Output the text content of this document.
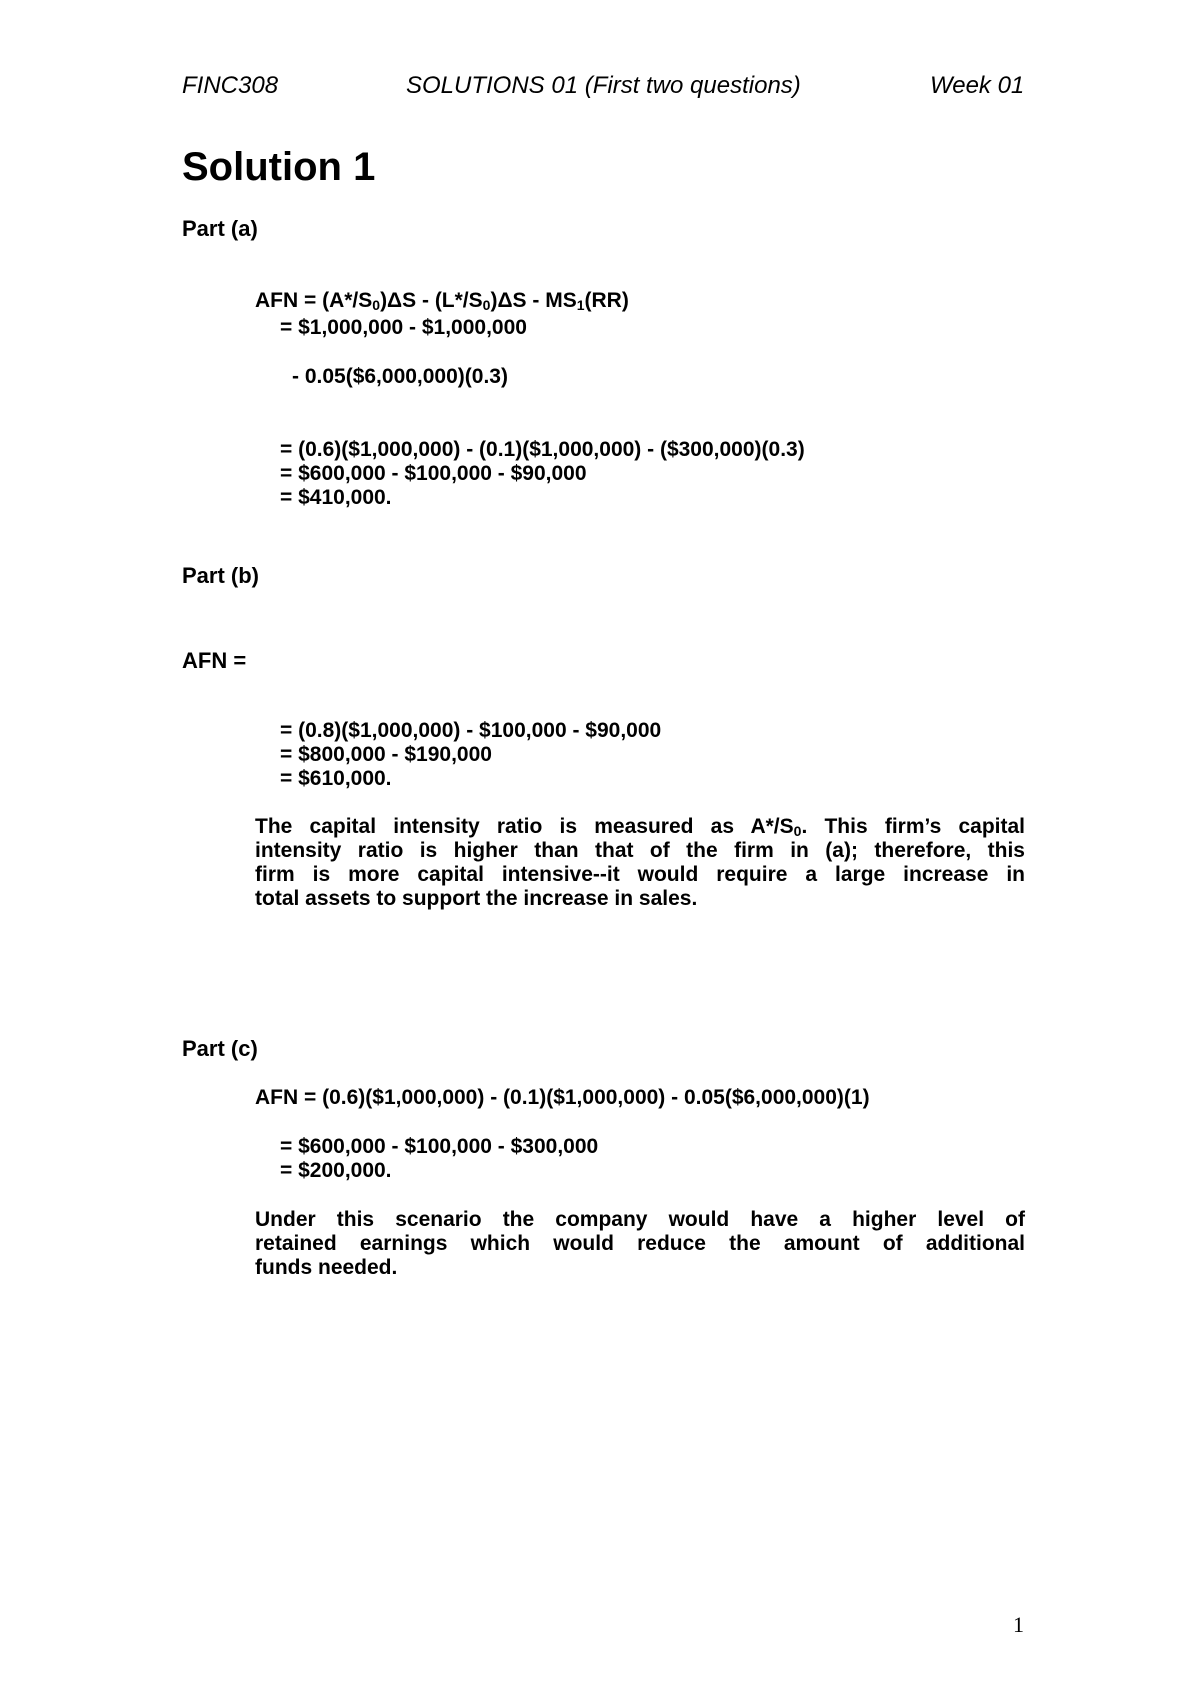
FINC308	SOLUTIONS 01 (First two questions)	Week 01
Solution 1
Part (a)
AFN = $(A*/S_0)\Delta S - (L*/S_0)\Delta S - MS_1(RR)$
= $1,000,000 - $1,000,000
- 0.05($6,000,000)(0.3)
= (0.6)($1,000,000) - (0.1)($1,000,000) - ($300,000)(0.3)
= $600,000 - $100,000 - $90,000
= $410,000.
Part (b)
AFN =
= (0.8)($1,000,000) - $100,000 - $90,000
= $800,000 - $190,000
= $610,000.
The capital intensity ratio is measured as $A*/S_0$. This firm’s capital
intensity ratio is higher than that of the firm in (a); therefore, this
firm is more capital intensive--it would require a large increase in
total assets to support the increase in sales.
Part (c)
AFN = (0.6)($1,000,000) - (0.1)($1,000,000) - 0.05($6,000,000)(1)
= $600,000 - $100,000 - $300,000
= $200,000.
Under this scenario the company would have a higher level of
retained earnings which would reduce the amount of additional
funds needed.
1
